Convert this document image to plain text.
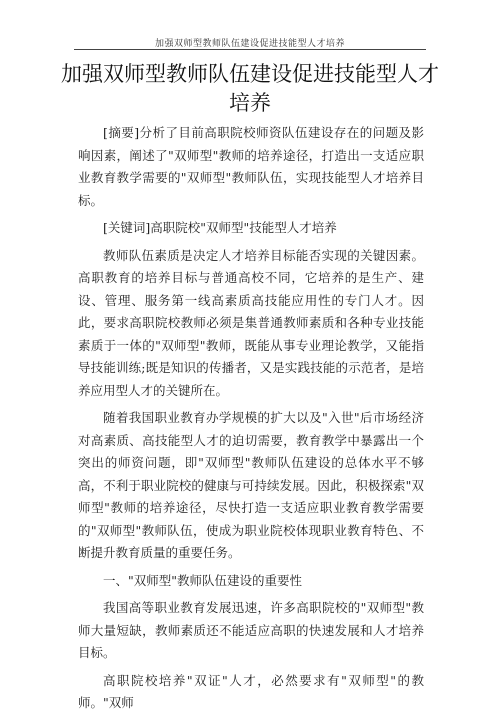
加强双师型教师队伍建设促进技能型人才培养
加强双师型教师队伍建设促进技能型人才培养

[摘要]分析了目前高职院校师资队伍建设存在的问题及影响因素，阐述了"双师型"教师的培养途径，打造出一支适应职业教育教学需要的"双师型"教师队伍，实现技能型人才培养目标。

[关键词]高职院校"双师型"技能型人才培养

教师队伍素质是决定人才培养目标能否实现的关键因素。高职教育的培养目标与普通高校不同，它培养的是生产、建设、管理、服务第一线高素质高技能应用性的专门人才。因此，要求高职院校教师必须是集普通教师素质和各种专业技能素质于一体的"双师型"教师，既能从事专业理论教学，又能指导技能训练;既是知识的传播者，又是实践技能的示范者，是培养应用型人才的关键所在。

随着我国职业教育办学规模的扩大以及"入世"后市场经济对高素质、高技能型人才的迫切需要，教育教学中暴露出一个突出的师资问题，即"双师型"教师队伍建设的总体水平不够高，不利于职业院校的健康与可持续发展。因此，积极探索"双师型"教师的培养途径，尽快打造一支适应职业教育教学需要的"双师型"教师队伍，使成为职业院校体现职业教育特色、不断提升教育质量的重要任务。

一、"双师型"教师队伍建设的重要性

我国高等职业教育发展迅速，许多高职院校的"双师型"教师大量短缺，教师素质还不能适应高职的快速发展和人才培养目标。

高职院校培养"双证"人才，必然要求有"双师型"的教师。"双师
